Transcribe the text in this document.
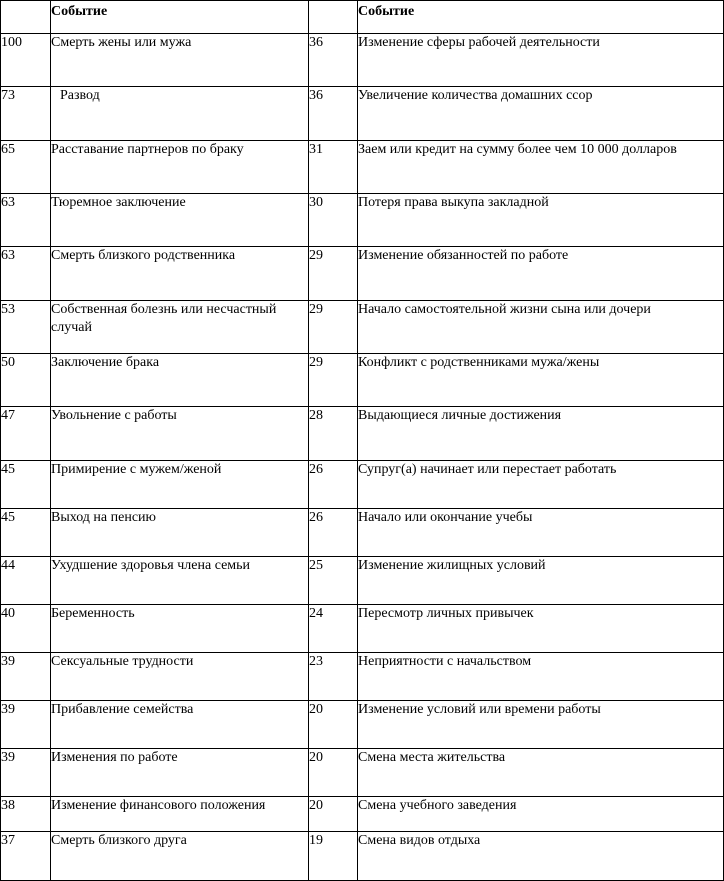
	Событие		Событие
100	Смерть жены или мужа	36	Изменение сферы рабочей деятельности
73	Развод	36	Увеличение количества домашних ссор
65	Расставание партнеров по браку	31	Заем или кредит на сумму более чем 10 000 долларов
63	Тюремное заключение	30	Потеря права выкупа закладной
63	Смерть близкого родственника	29	Изменение обязанностей по работе
53	Собственная болезнь или несчастный случай	29	Начало самостоятельной жизни сына или дочери
50	Заключение брака	29	Конфликт с родственниками мужа/жены
47	Увольнение с работы	28	Выдающиеся личные достижения
45	Примирение с мужем/женой	26	Супруг(а) начинает или перестает работать
45	Выход на пенсию	26	Начало или окончание учебы
44	Ухудшение здоровья члена семьи	25	Изменение жилищных условий
40	Беременность	24	Пересмотр личных привычек
39	Сексуальные трудности	23	Неприятности с начальством
39	Прибавление семейства	20	Изменение условий или времени работы
39	Изменения по работе	20	Смена места жительства
38	Изменение финансового положения	20	Смена учебного заведения
37	Смерть близкого друга	19	Смена видов отдыха
